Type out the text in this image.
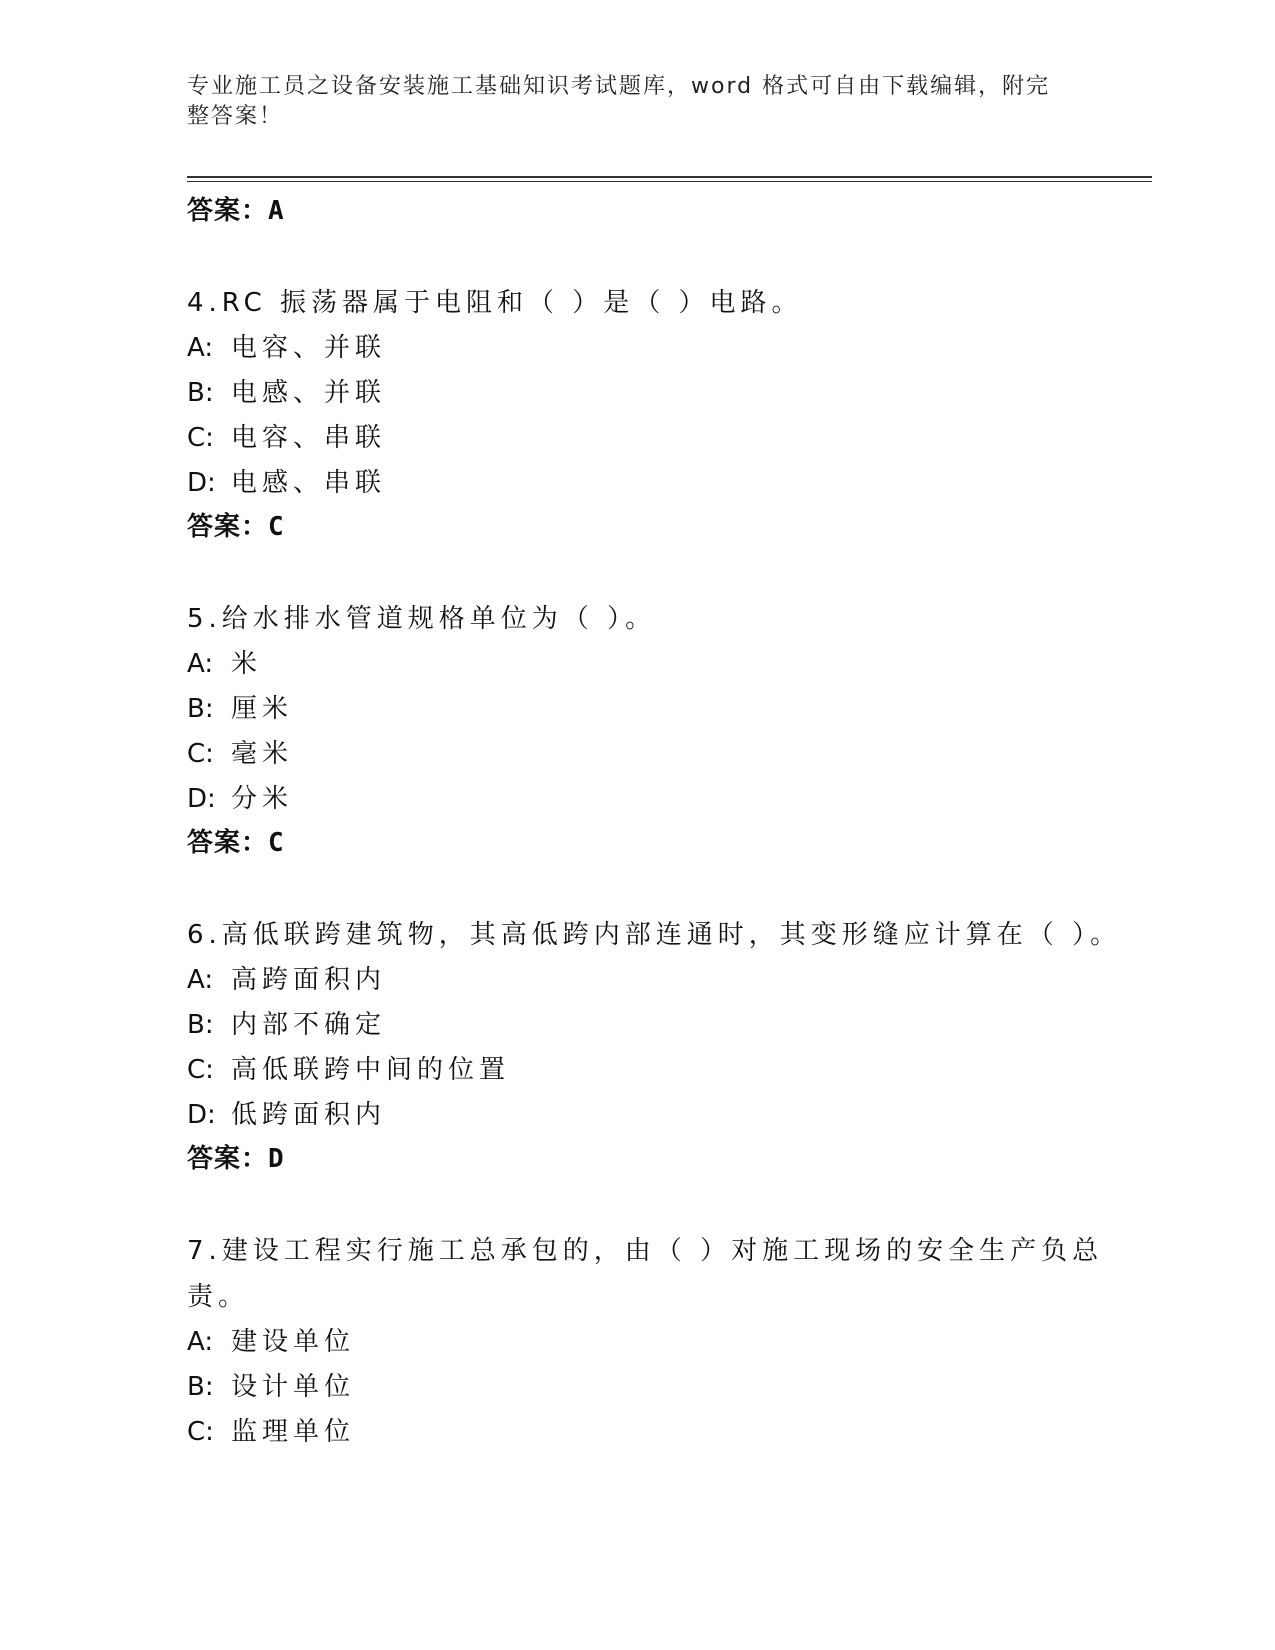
专业施工员之设备安装施工基础知识考试题库，word 格式可自由下载编辑，附完整答案！
答案：A
4.RC 振荡器属于电阻和（ ）是（ ）电路。
A: 电容、并联
B: 电感、并联
C: 电容、串联
D: 电感、串联
答案：C
5.给水排水管道规格单位为（ ）。
A: 米
B: 厘米
C: 毫米
D: 分米
答案：C
6.高低联跨建筑物，其高低跨内部连通时，其变形缝应计算在（ ）。
A: 高跨面积内
B: 内部不确定
C: 高低联跨中间的位置
D: 低跨面积内
答案：D
7.建设工程实行施工总承包的，由（ ）对施工现场的安全生产负总责。
A: 建设单位
B: 设计单位
C: 监理单位
